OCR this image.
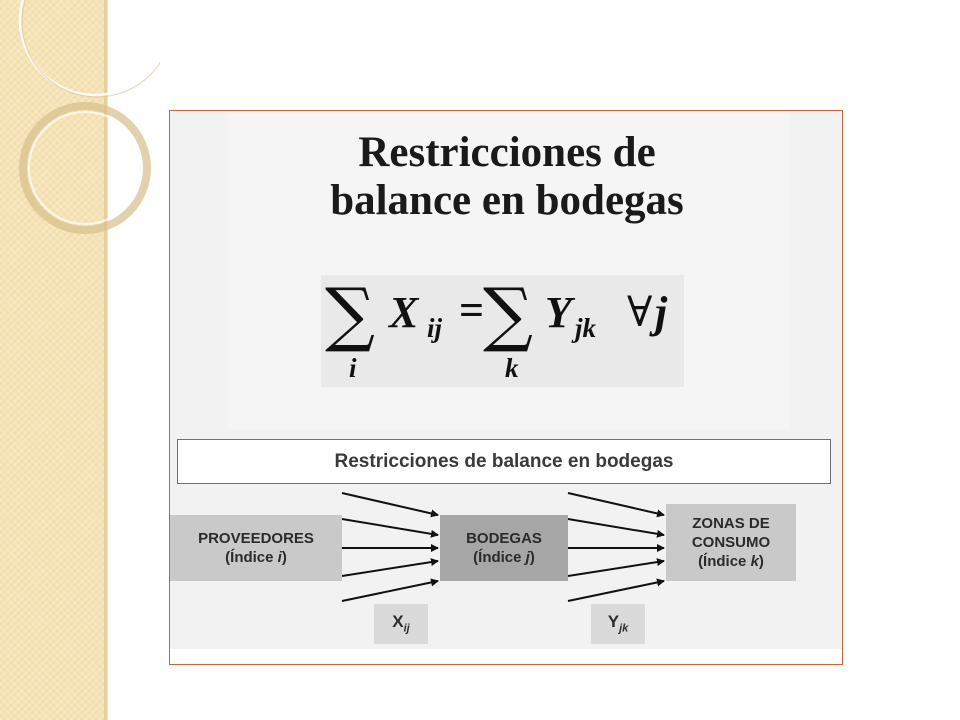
Restricciones de
balance en bodegas
∑
i
X ij =
∑
k
Y jk ∀ j
Restricciones de balance en bodegas
PROVEEDORES
(Índice i)
BODEGAS
(Índice j)
ZONAS DE
CONSUMO
(Índice k)
$X_{ij}$	$Y_{jk}$
